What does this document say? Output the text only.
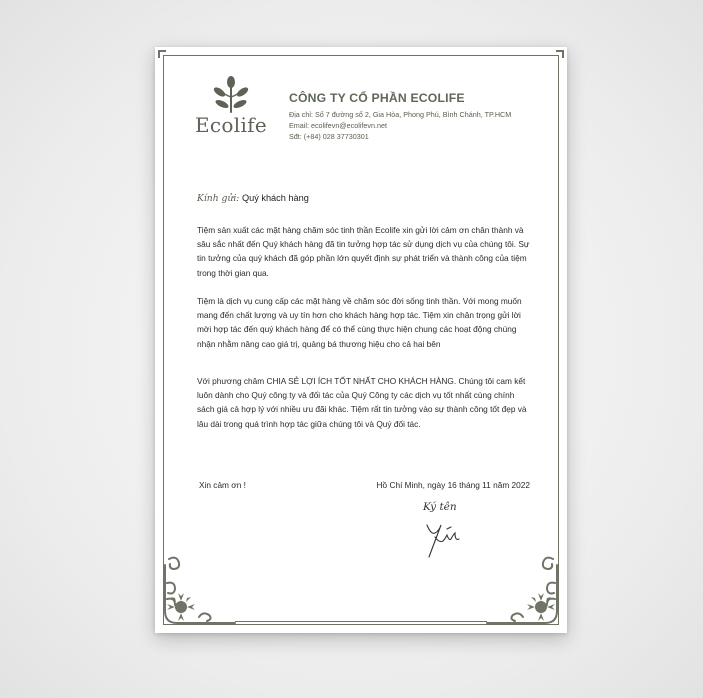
Ecolife
CÔNG TY CỔ PHẦN ECOLIFE
Địa chỉ: Số 7 đường số 2, Gia Hòa, Phong Phú, Bình Chánh, TP.HCM
Email: ecolifevn@ecolifevn.net
Sđt: (+84) 028 37730301
Kính gửi: Quý khách hàng
Tiệm sản xuất các mặt hàng chăm sóc tinh thần Ecolife xin gửi lời cảm ơn chân thành và sâu sắc nhất đến Quý khách hàng đã tin tưởng hợp tác sử dụng dịch vụ của chúng tôi. Sự tin tưởng của quý khách đã góp phần lớn quyết định sự phát triển và thành công của tiệm trong thời gian qua.
Tiệm là dịch vụ cung cấp các mặt hàng về chăm sóc đời sống tinh thần. Với mong muốn mang đến chất lượng và uy tín hơn cho khách hàng hợp tác. Tiệm xin chân trọng gửi lời mời hợp tác đến quý khách hàng để có thể cùng thực hiện chung các hoạt động chúng nhận nhằm nâng cao giá trị, quảng bá thương hiệu cho cả hai bên
Với phương châm CHIA SẺ LỢI ÍCH TỐT NHẤT CHO KHÁCH HÀNG. Chúng tôi cam kết luôn dành cho Quý công ty và đối tác của Quý Công ty các dịch vụ tốt nhất cùng chính sách giá cả hợp lý với nhiều ưu đãi khác. Tiệm rất tin tưởng vào sự thành công tốt đẹp và lâu dài trong quá trình hợp tác giữa chúng tôi và Quý đối tác.
Xin cảm ơn !	Hồ Chí Minh, ngày 16 tháng 11 năm 2022
Ký tên
